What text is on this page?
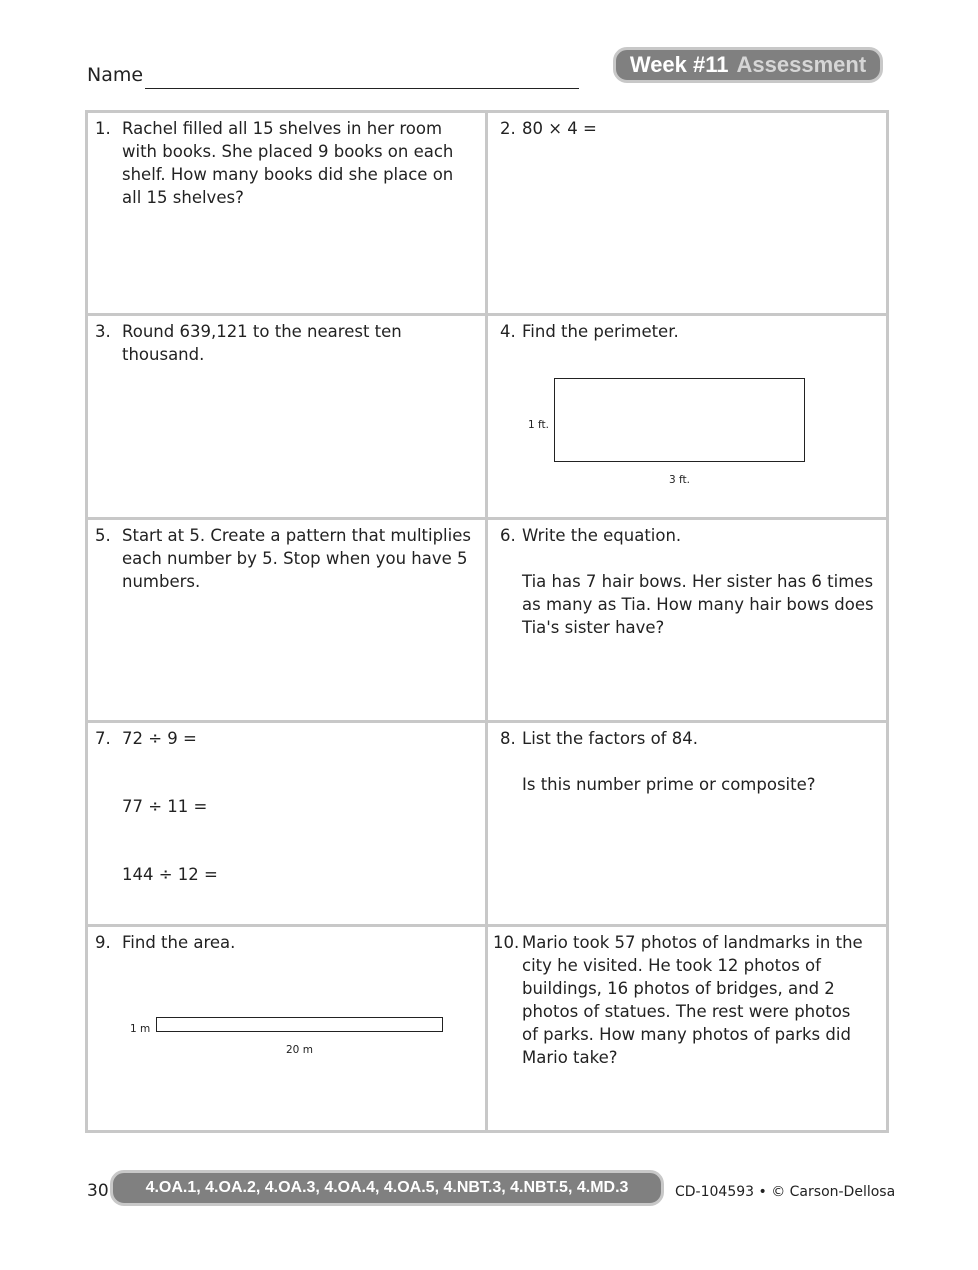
Name	Week #11 Assessment
1. Rachel filled all 15 shelves in her room with books. She placed 9 books on each shelf. How many books did she place on all 15 shelves?

2. 80 × 4 =

3. Round 639,121 to the nearest ten thousand.

4. Find the perimeter.

1 ft.
3 ft.
5. Start at 5. Create a pattern that multiplies each number by 5. Stop when you have 5 numbers.

6. Write the equation.

Tia has 7 hair bows. Her sister has 6 times as many as Tia. How many hair bows does Tia's sister have?

7. 72 ÷ 9 =

77 ÷ 11 =

144 ÷ 12 =

8. List the factors of 84.

Is this number prime or composite?

9. Find the area.

1 m
20 m
10. Mario took 57 photos of landmarks in the city he visited. He took 12 photos of buildings, 16 photos of bridges, and 2 photos of statues. The rest were photos of parks. How many photos of parks did Mario take?

30	4.OA.1, 4.OA.2, 4.OA.3, 4.OA.4, 4.OA.5, 4.NBT.3, 4.NBT.5, 4.MD.3	CD-104593 • © Carson-Dellosa
